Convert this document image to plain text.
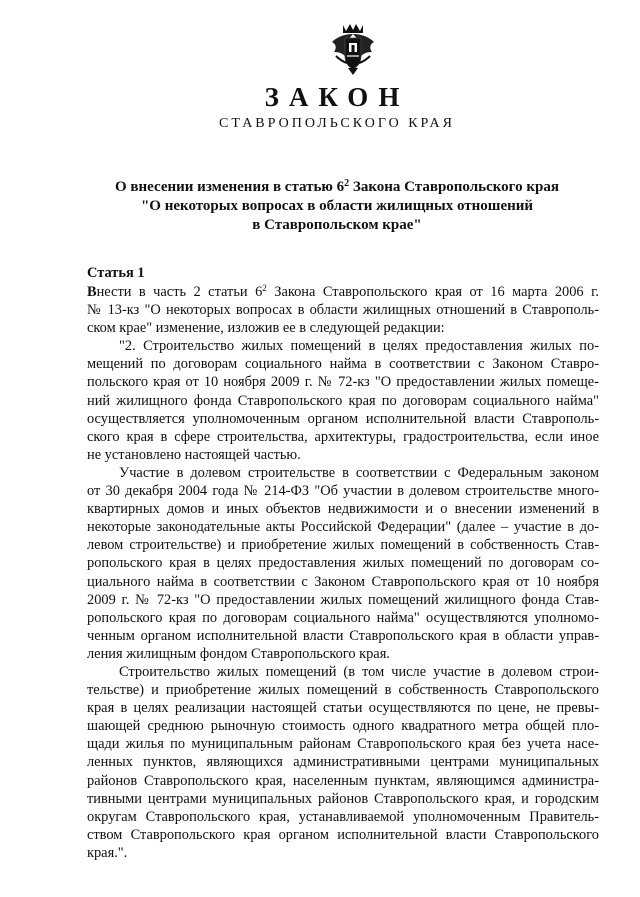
ЗАКОН
СТАВРОПОЛЬСКОГО КРАЯ
О внесении изменения в статью $6^2$ Закона Ставропольского края
"О некоторых вопросах в области жилищных отношений
в Ставропольском крае"
Статья 1
Внести в часть 2 статьи $6^2$ Закона Ставропольского края от 16 марта 2006 г.
№ 13-кз "О некоторых вопросах в области жилищных отношений в Ставрополь-
ском крае" изменение, изложив ее в следующей редакции:
"2. Строительство жилых помещений в целях предоставления жилых по-
мещений по договорам социального найма в соответствии с Законом Ставро-
польского края от 10 ноября 2009 г. № 72-кз "О предоставлении жилых помеще-
ний жилищного фонда Ставропольского края по договорам социального найма"
осуществляется уполномоченным органом исполнительной власти Ставрополь-
ского края в сфере строительства, архитектуры, градостроительства, если иное
не установлено настоящей частью.
Участие в долевом строительстве в соответствии с Федеральным законом
от 30 декабря 2004 года № 214-ФЗ "Об участии в долевом строительстве много-
квартирных домов и иных объектов недвижимости и о внесении изменений в
некоторые законодательные акты Российской Федерации" (далее – участие в до-
левом строительстве) и приобретение жилых помещений в собственность Став-
ропольского края в целях предоставления жилых помещений по договорам со-
циального найма в соответствии с Законом Ставропольского края от 10 ноября
2009 г. № 72-кз "О предоставлении жилых помещений жилищного фонда Став-
ропольского края по договорам социального найма" осуществляются уполномо-
ченным органом исполнительной власти Ставропольского края в области управ-
ления жилищным фондом Ставропольского края.
Строительство жилых помещений (в том числе участие в долевом строи-
тельстве) и приобретение жилых помещений в собственность Ставропольского
края в целях реализации настоящей статьи осуществляются по цене, не превы-
шающей среднюю рыночную стоимость одного квадратного метра общей пло-
щади жилья по муниципальным районам Ставропольского края без учета насе-
ленных пунктов, являющихся административными центрами муниципальных
районов Ставропольского края, населенным пунктам, являющимся администра-
тивными центрами муниципальных районов Ставропольского края, и городским
округам Ставропольского края, устанавливаемой уполномоченным Правитель-
ством Ставропольского края органом исполнительной власти Ставропольского
края.".
